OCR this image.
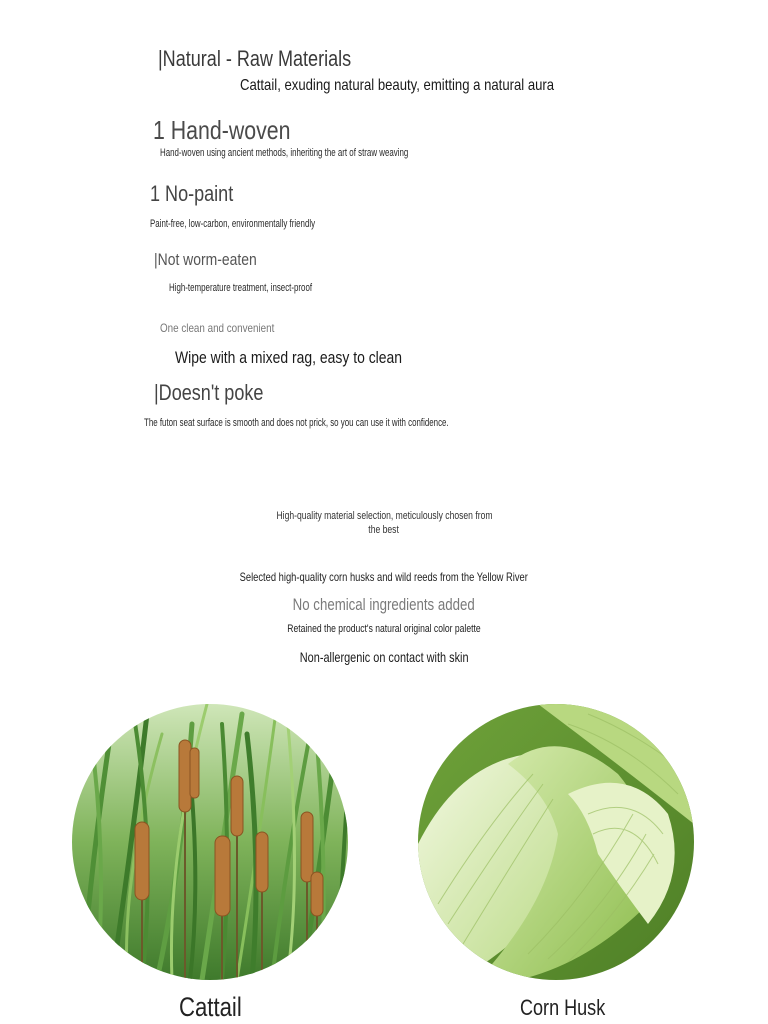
|Natural - Raw Materials
Cattail, exuding natural beauty, emitting a natural aura
1 Hand-woven
Hand-woven using ancient methods, inheriting the art of straw weaving
1 No-paint
Paint-free, low-carbon, environmentally friendly
|Not worm-eaten
High-temperature treatment, insect-proof
One clean and convenient
Wipe with a mixed rag, easy to clean
|Doesn't poke
The futon seat surface is smooth and does not prick, so you can use it with confidence.
High-quality material selection, meticulously chosen from
the best
Selected high-quality corn husks and wild reeds from the Yellow River
No chemical ingredients added
Retained the product's natural original color palette
Non-allergenic on contact with skin
Cattail	Corn Husk
